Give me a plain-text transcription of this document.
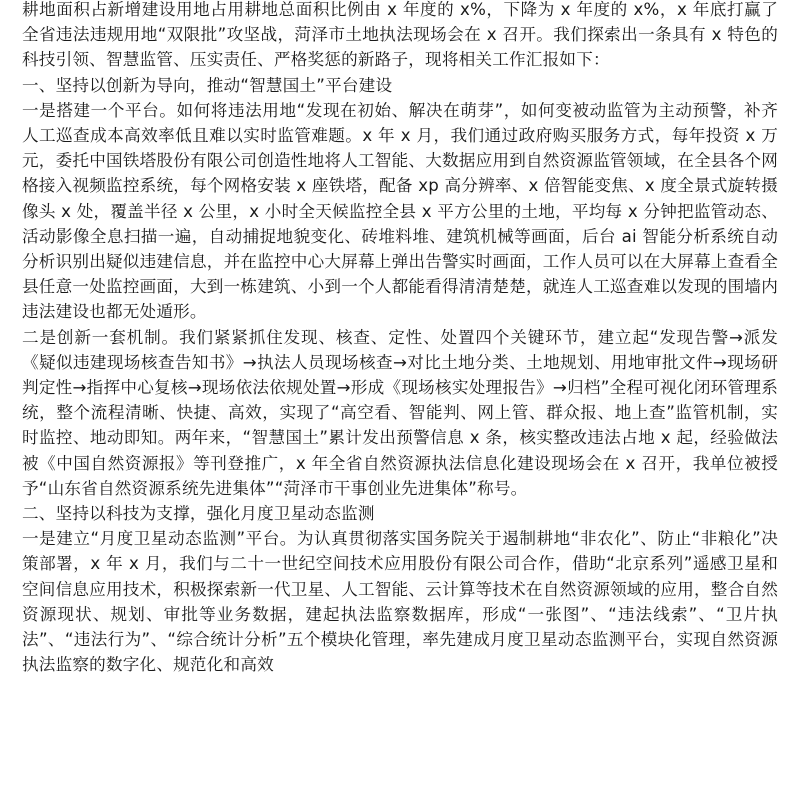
耕地面积占新增建设用地占用耕地总面积比例由 x 年度的 x%，下降为 x 年度的 x%，x 年底打赢了全省违法违规用地“双限批”攻坚战，菏泽市土地执法现场会在 x 召开。我们探索出一条具有 x 特色的科技引领、智慧监管、压实责任、严格奖惩的新路子，现将相关工作汇报如下：

一、坚持以创新为导向，推动“智慧国土”平台建设

一是搭建一个平台。如何将违法用地“发现在初始、解决在萌芽”，如何变被动监管为主动预警，补齐人工巡查成本高效率低且难以实时监管难题。x 年 x 月，我们通过政府购买服务方式，每年投资 x 万元，委托中国铁塔股份有限公司创造性地将人工智能、大数据应用到自然资源监管领域，在全县各个网格接入视频监控系统，每个网格安装 x 座铁塔，配备 xp 高分辨率、x 倍智能变焦、x 度全景式旋转摄像头 x 处，覆盖半径 x 公里，x 小时全天候监控全县 x 平方公里的土地，平均每 x 分钟把监管动态、活动影像全息扫描一遍，自动捕捉地貌变化、砖堆料堆、建筑机械等画面，后台 ai 智能分析系统自动分析识别出疑似违建信息，并在监控中心大屏幕上弹出告警实时画面，工作人员可以在大屏幕上查看全县任意一处监控画面，大到一栋建筑、小到一个人都能看得清清楚楚，就连人工巡查难以发现的围墙内违法建设也都无处遁形。

二是创新一套机制。我们紧紧抓住发现、核查、定性、处置四个关键环节，建立起“发现告警→派发《疑似违建现场核查告知书》→执法人员现场核查→对比土地分类、土地规划、用地审批文件→现场研判定性→指挥中心复核→现场依法依规处置→形成《现场核实处理报告》→归档”全程可视化闭环管理系统，整个流程清晰、快捷、高效，实现了“高空看、智能判、网上管、群众报、地上查”监管机制，实时监控、地动即知。两年来，“智慧国土”累计发出预警信息 x 条，核实整改违法占地 x 起，经验做法被《中国自然资源报》等刊登推广，x 年全省自然资源执法信息化建设现场会在 x 召开，我单位被授予“山东省自然资源系统先进集体”“菏泽市干事创业先进集体”称号。

二、坚持以科技为支撑，强化月度卫星动态监测

一是建立“月度卫星动态监测”平台。为认真贯彻落实国务院关于遏制耕地“非农化”、防止“非粮化”决策部署，x 年 x 月，我们与二十一世纪空间技术应用股份有限公司合作，借助“北京系列”遥感卫星和空间信息应用技术，积极探索新一代卫星、人工智能、云计算等技术在自然资源领域的应用，整合自然资源现状、规划、审批等业务数据，建起执法监察数据库，形成“一张图”、“违法线索”、“卫片执法”、“违法行为”、“综合统计分析”五个模块化管理，率先建成月度卫星动态监测平台，实现自然资源执法监察的数字化、规范化和高效
